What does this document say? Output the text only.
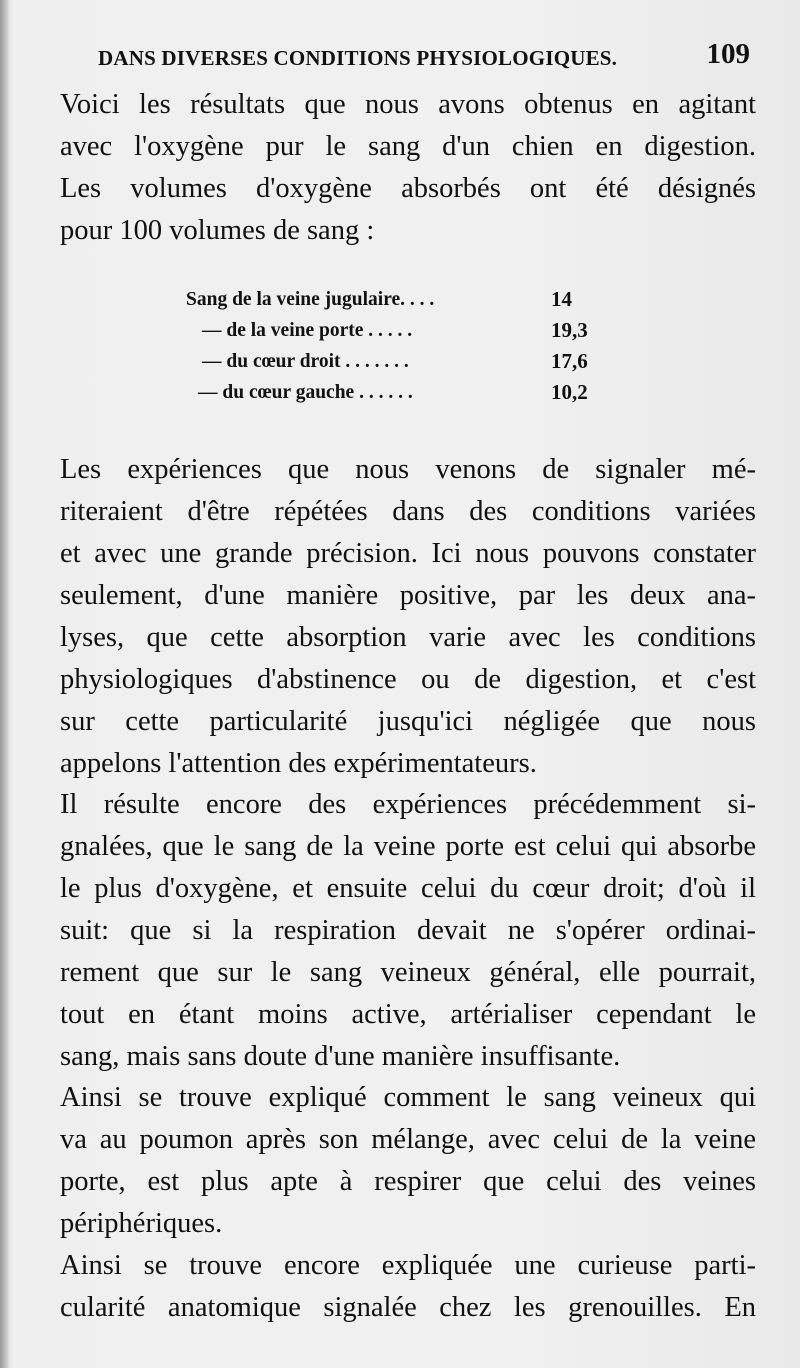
DANS DIVERSES CONDITIONS PHYSIOLOGIQUES.	109
Voici les résultats que nous avons obtenus en agitant
avec l'oxygène pur le sang d'un chien en digestion.
Les volumes d'oxygène absorbés ont été désignés
pour 100 volumes de sang :
Sang de la veine jugulaire. . . .	14
— de la veine porte . . . . .	19,3
— du cœur droit . . . . . . .	17,6
— du cœur gauche . . . . . .	10,2
Les expériences que nous venons de signaler mé-
riteraient d'être répétées dans des conditions variées
et avec une grande précision. Ici nous pouvons constater
seulement, d'une manière positive, par les deux ana-
lyses, que cette absorption varie avec les conditions
physiologiques d'abstinence ou de digestion, et c'est
sur cette particularité jusqu'ici négligée que nous
appelons l'attention des expérimentateurs.
Il résulte encore des expériences précédemment si-
gnalées, que le sang de la veine porte est celui qui absorbe
le plus d'oxygène, et ensuite celui du cœur droit; d'où il
suit: que si la respiration devait ne s'opérer ordinai-
rement que sur le sang veineux général, elle pourrait,
tout en étant moins active, artérialiser cependant le
sang, mais sans doute d'une manière insuffisante.
Ainsi se trouve expliqué comment le sang veineux qui
va au poumon après son mélange, avec celui de la veine
porte, est plus apte à respirer que celui des veines
périphériques.
Ainsi se trouve encore expliquée une curieuse parti-
cularité anatomique signalée chez les grenouilles. En
